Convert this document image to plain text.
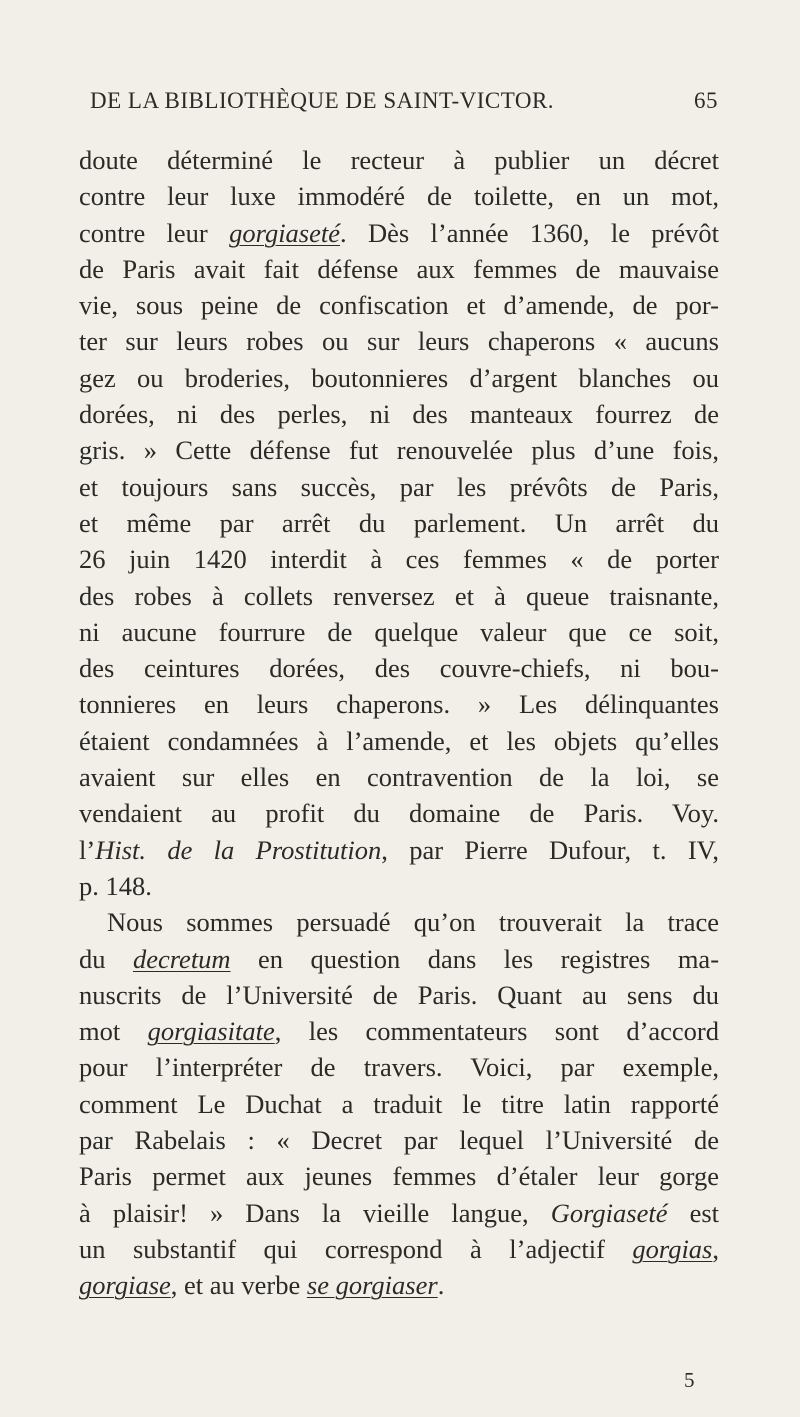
DE LA BIBLIOTHÈQUE DE SAINT-VICTOR.	65
doute déterminé le recteur à publier un décret
contre leur luxe immodéré de toilette, en un mot,
contre leur gorgiaseté. Dès l’année 1360, le prévôt
de Paris avait fait défense aux femmes de mauvaise
vie, sous peine de confiscation et d’amende, de por-
ter sur leurs robes ou sur leurs chaperons « aucuns
gez ou broderies, boutonnieres d’argent blanches ou
dorées, ni des perles, ni des manteaux fourrez de
gris. » Cette défense fut renouvelée plus d’une fois,
et toujours sans succès, par les prévôts de Paris,
et même par arrêt du parlement. Un arrêt du
26 juin 1420 interdit à ces femmes « de porter
des robes à collets renversez et à queue traisnante,
ni aucune fourrure de quelque valeur que ce soit,
des ceintures dorées, des couvre-chiefs, ni bou-
tonnieres en leurs chaperons. » Les délinquantes
étaient condamnées à l’amende, et les objets qu’elles
avaient sur elles en contravention de la loi, se
vendaient au profit du domaine de Paris. Voy.
l’Hist. de la Prostitution, par Pierre Dufour, t. IV,
p. 148.
Nous sommes persuadé qu’on trouverait la trace
du decretum en question dans les registres ma-
nuscrits de l’Université de Paris. Quant au sens du
mot gorgiasitate, les commentateurs sont d’accord
pour l’interpréter de travers. Voici, par exemple,
comment Le Duchat a traduit le titre latin rapporté
par Rabelais : « Decret par lequel l’Université de
Paris permet aux jeunes femmes d’étaler leur gorge
à plaisir! » Dans la vieille langue, Gorgiaseté est
un substantif qui correspond à l’adjectif gorgias,
gorgiase, et au verbe se gorgiaser.
5
